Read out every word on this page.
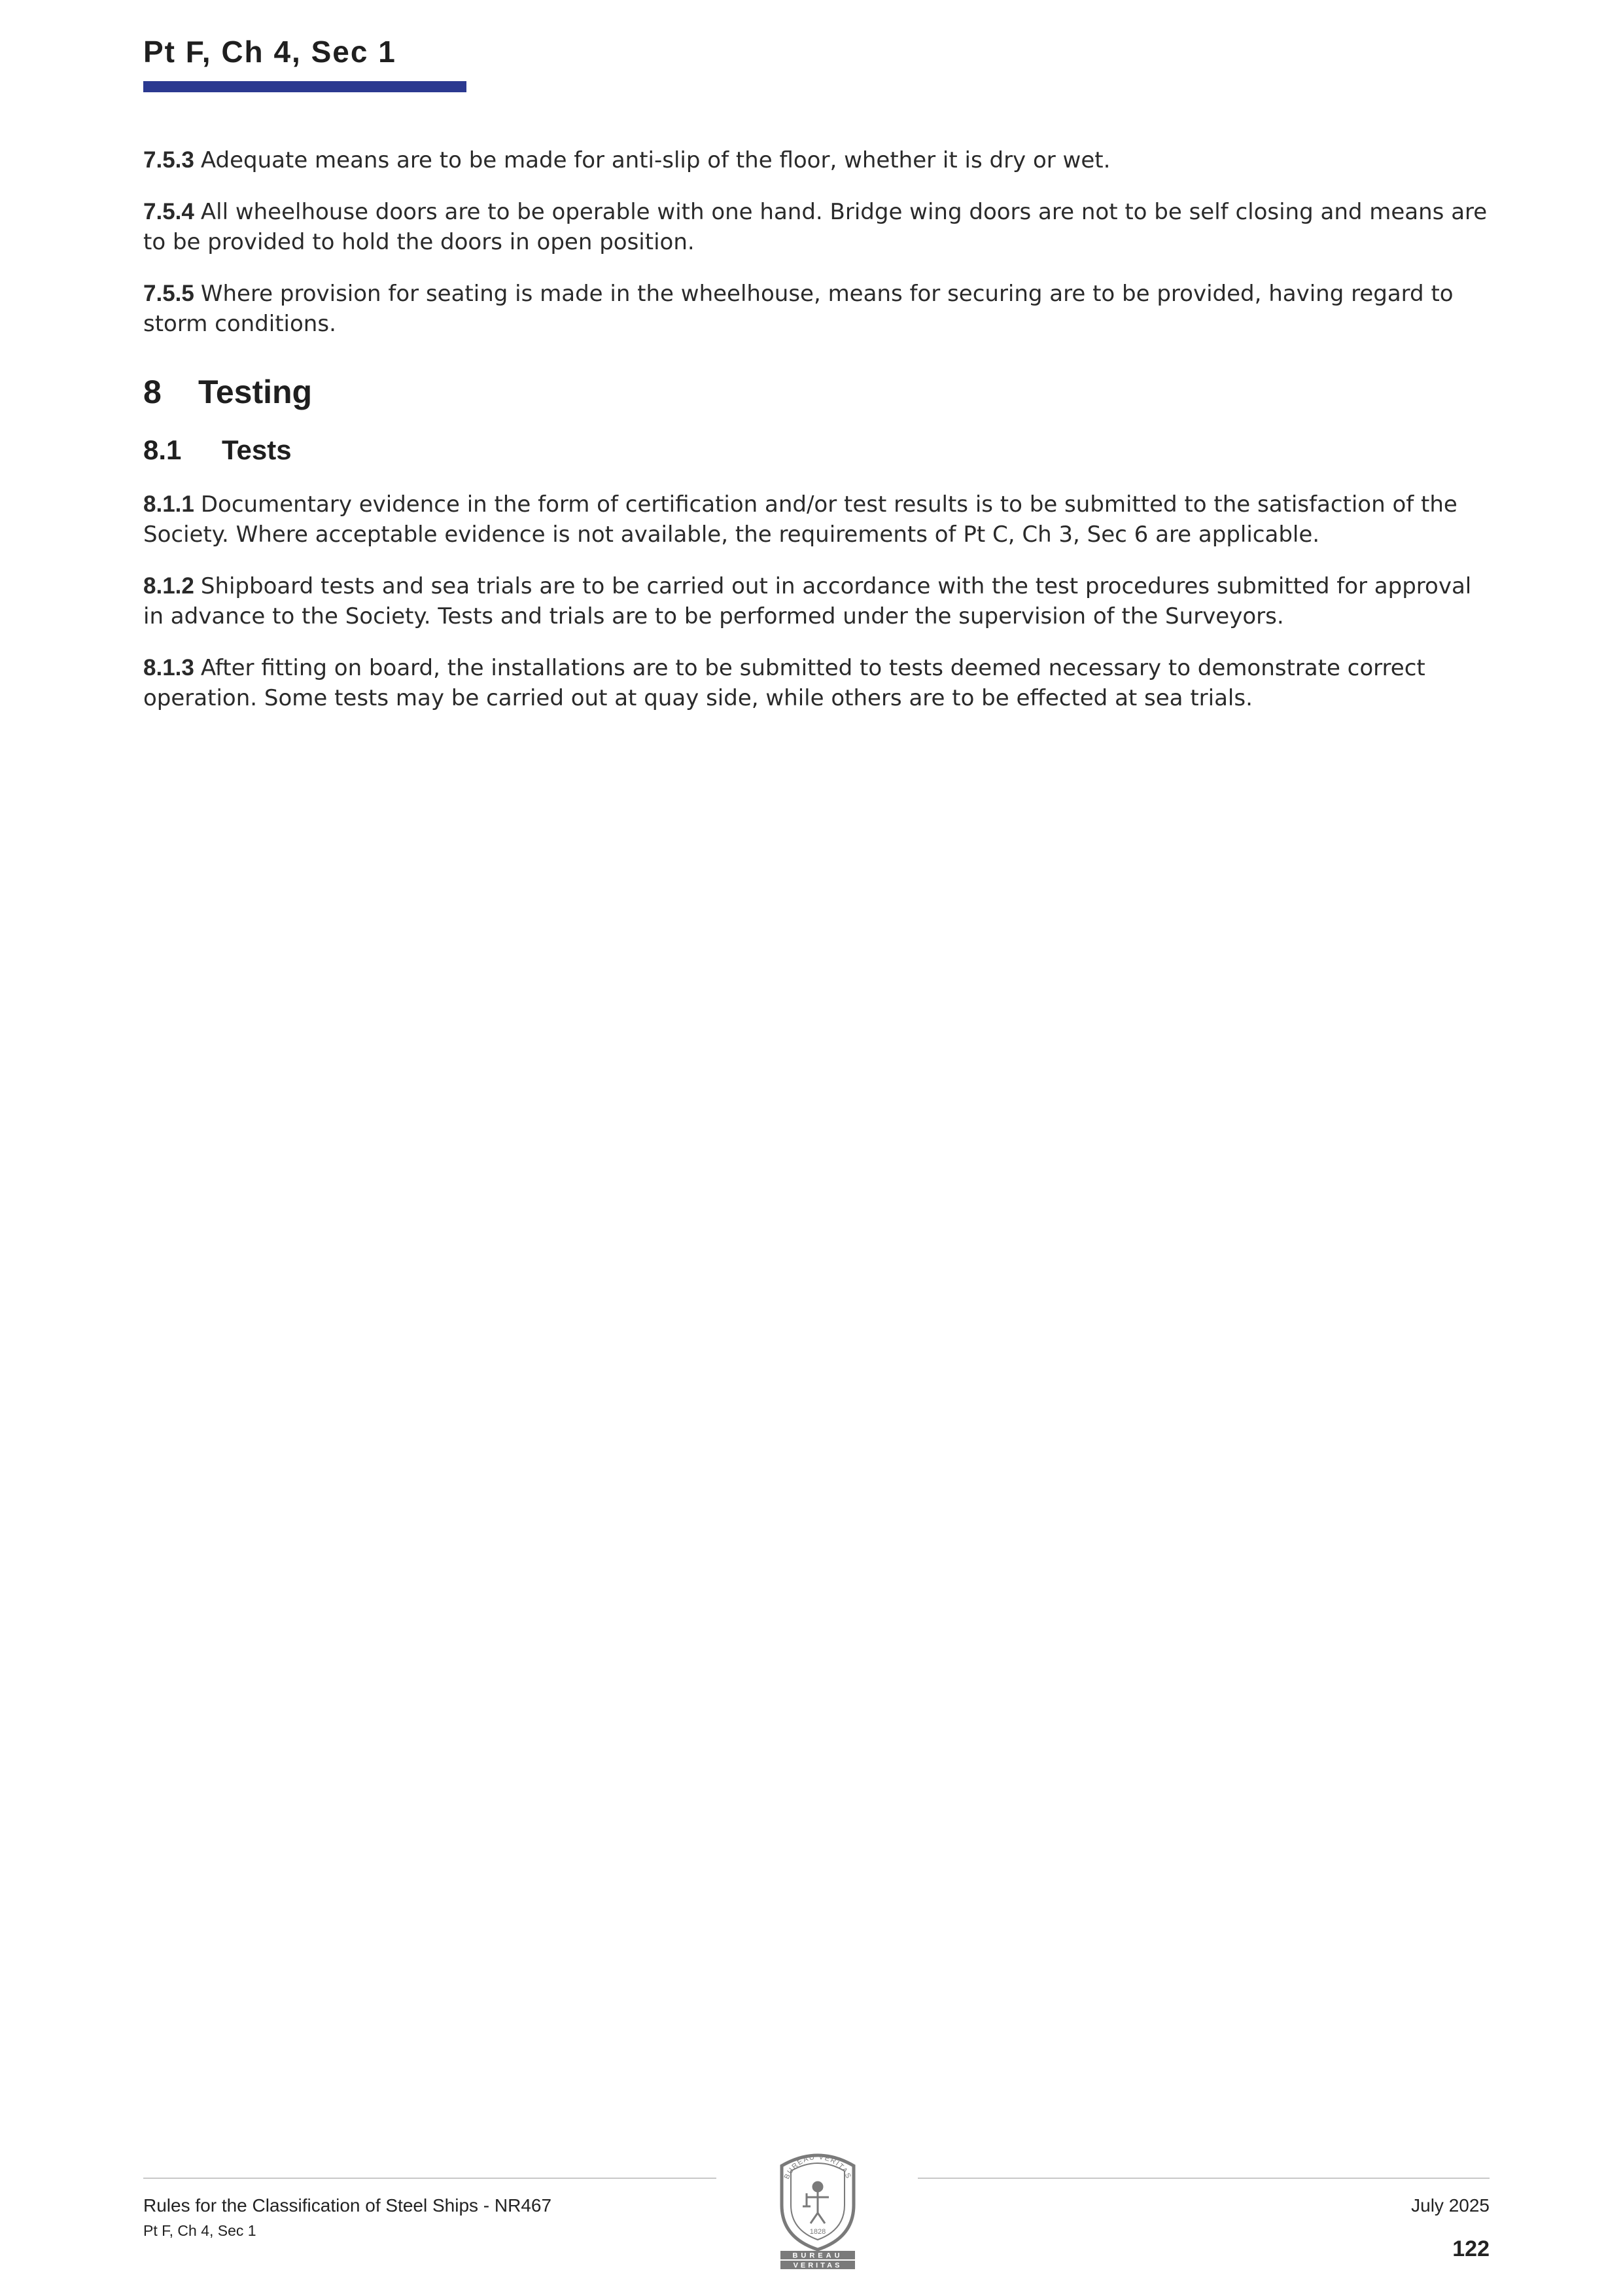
Pt F, Ch 4, Sec 1

7.5.3 Adequate means are to be made for anti-slip of the floor, whether it is dry or wet.

7.5.4 All wheelhouse doors are to be operable with one hand. Bridge wing doors are not to be self closing and means are to be provided to hold the doors in open position.

7.5.5 Where provision for seating is made in the wheelhouse, means for securing are to be provided, having regard to storm conditions.

8 Testing
8.1 Tests

8.1.1 Documentary evidence in the form of certification and/or test results is to be submitted to the satisfaction of the Society. Where acceptable evidence is not available, the requirements of Pt C, Ch 3, Sec 6 are applicable.

8.1.2 Shipboard tests and sea trials are to be carried out in accordance with the test procedures submitted for approval in advance to the Society. Tests and trials are to be performed under the supervision of the Surveyors.

8.1.3 After fitting on board, the installations are to be submitted to tests deemed necessary to demonstrate correct operation. Some tests may be carried out at quay side, while others are to be effected at sea trials.

Rules for the Classification of Steel Ships - NR467
Pt F, Ch 4, Sec 1
July 2025
122
BUREAU VERITAS
1828
BUREAU
VERITAS
